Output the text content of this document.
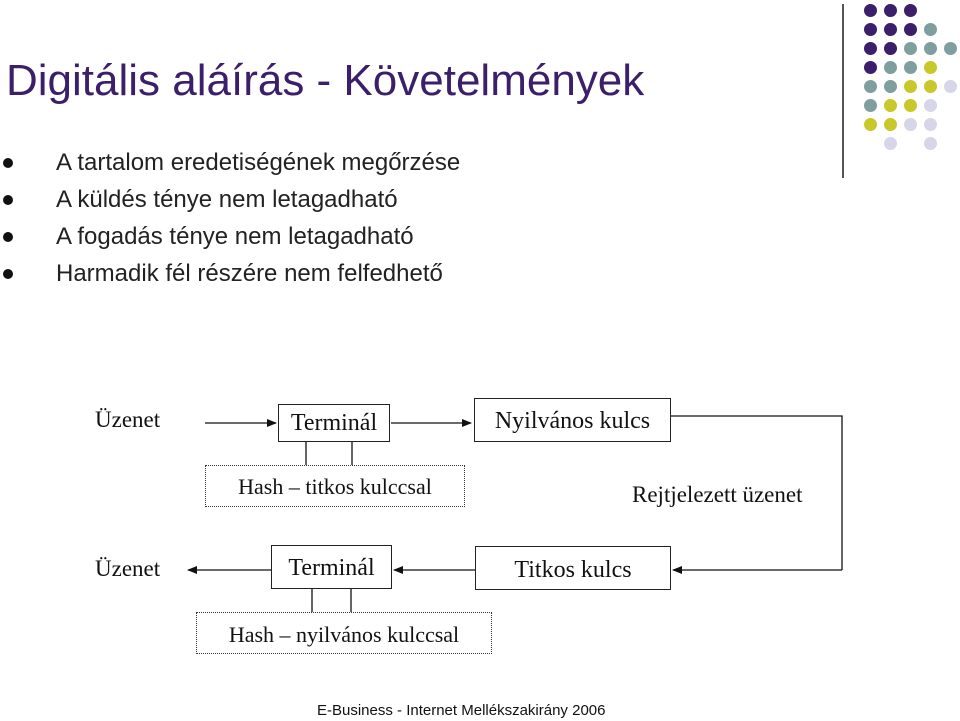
Digitális aláírás - Követelmények
A tartalom eredetiségének megőrzése
A küldés ténye nem letagadható
A fogadás ténye nem letagadható
Harmadik fél részére nem felfedhető
Üzenet	Terminál	Nyilvános kulcs
Hash – titkos kulccsal	Rejtjelezett üzenet
Üzenet	Terminál	Titkos kulcs
Hash – nyilvános kulccsal
E-Business - Internet Mellékszakirány 2006
